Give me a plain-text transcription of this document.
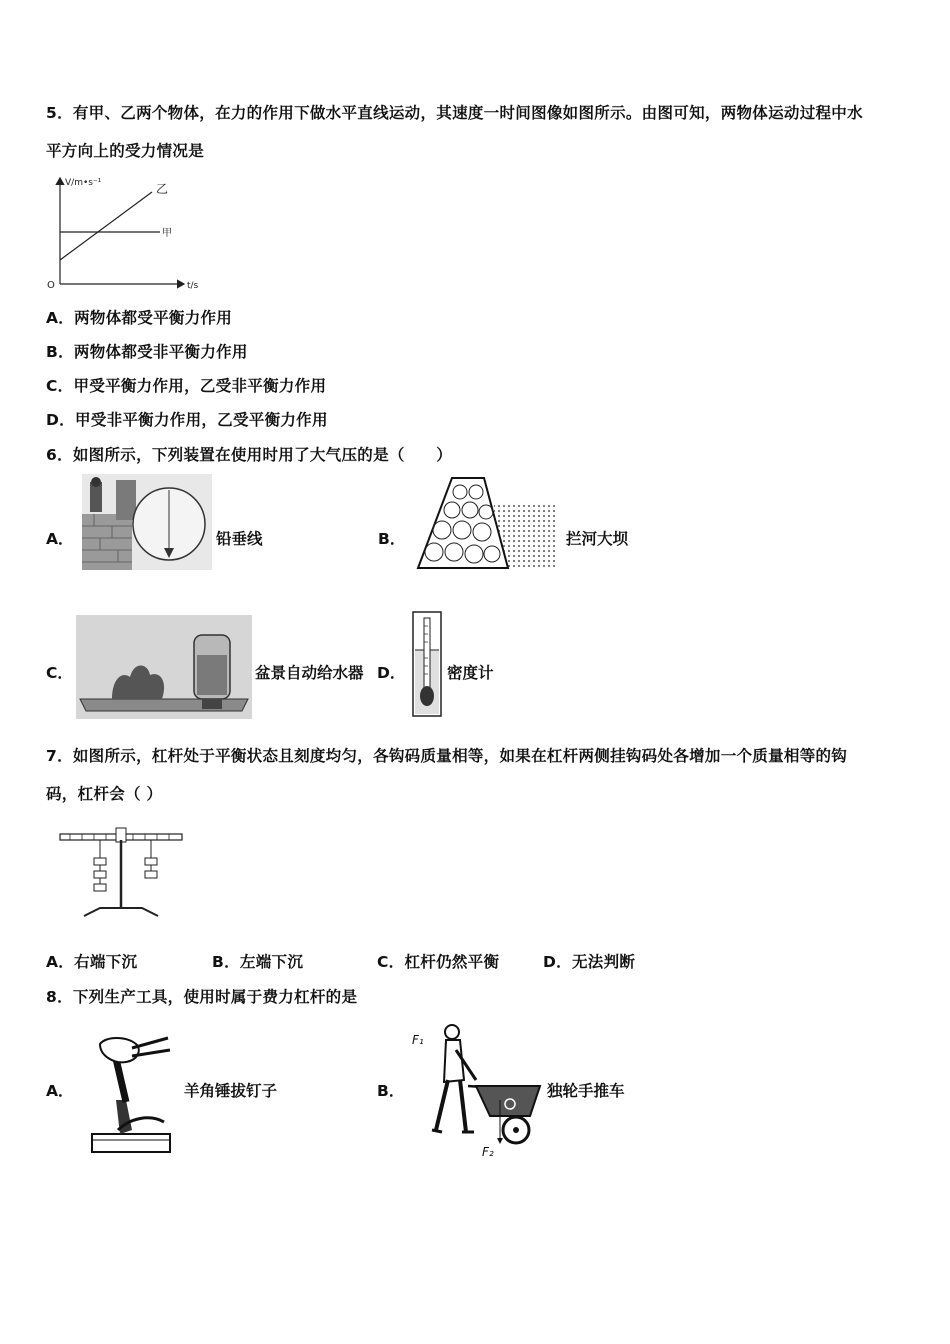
5．有甲、乙两个物体，在力的作用下做水平直线运动，其速度一时间图像如图所示。由图可知，两物体运动过程中水
平方向上的受力情况是
V/m•s⁻¹
t/s
O
乙
甲
A．两物体都受平衡力作用
B．两物体都受非平衡力作用
C．甲受平衡力作用，乙受非平衡力作用
D．甲受非平衡力作用，乙受平衡力作用
6．如图所示，下列装置在使用时用了大气压的是（　　）
A．	铅垂线	B．	拦河大坝
C．	盆景自动给水器 D．	密度计
7．如图所示，杠杆处于平衡状态且刻度均匀，各钩码质量相等，如果在杠杆两侧挂钩码处各增加一个质量相等的钩
码，杠杆会（ ）
A．右端下沉	B．左端下沉	C．杠杆仍然平衡	D．无法判断
8．下列生产工具，使用时属于费力杠杆的是
A．	羊角锤拔钉子	B．
F₁
F₂
独轮手推车
